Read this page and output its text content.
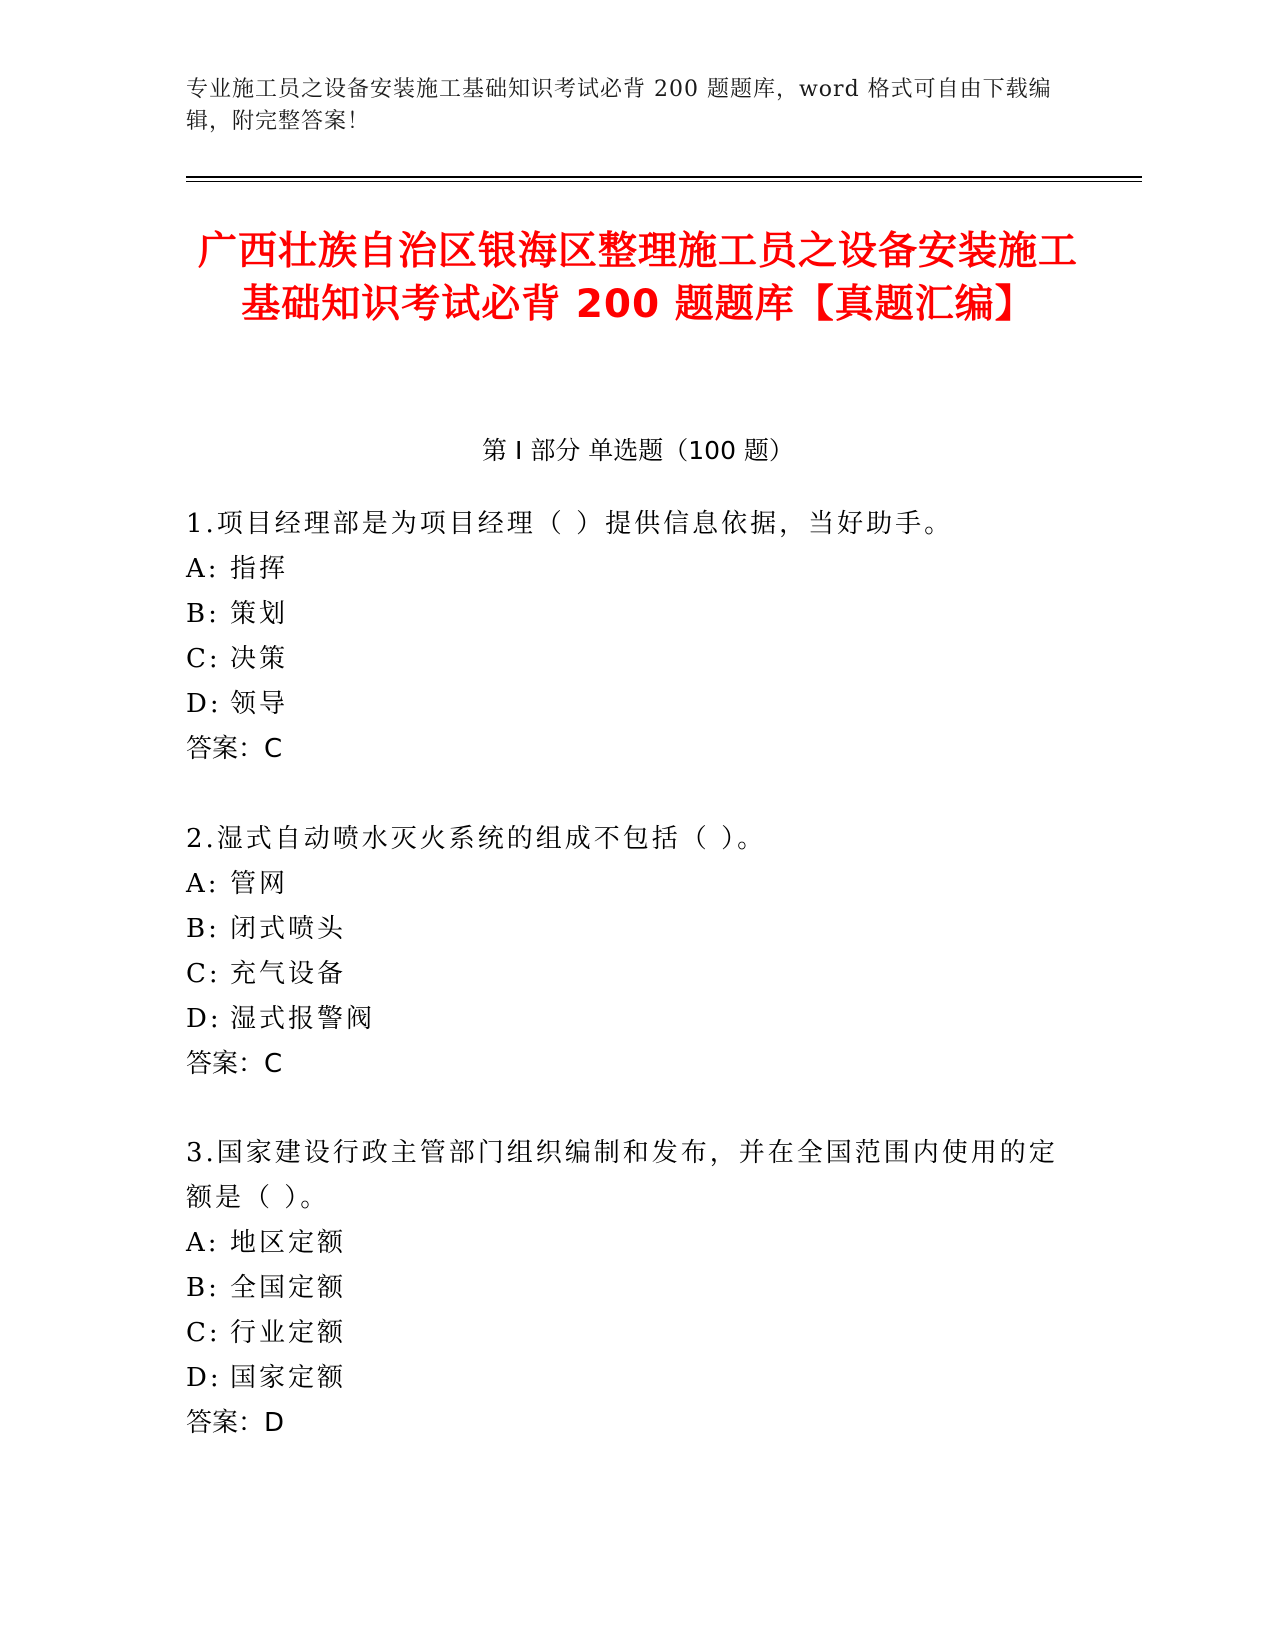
专业施工员之设备安装施工基础知识考试必背 200 题题库，word 格式可自由下载编辑，附完整答案！
广西壮族自治区银海区整理施工员之设备安装施工基础知识考试必背 200 题题库【真题汇编】
第 I 部分 单选题（100 题）
1.项目经理部是为项目经理（ ）提供信息依据，当好助手。
A: 指挥
B: 策划
C: 决策
D: 领导
答案：C
2.湿式自动喷水灭火系统的组成不包括（ ）。
A: 管网
B: 闭式喷头
C: 充气设备
D: 湿式报警阀
答案：C
3.国家建设行政主管部门组织编制和发布，并在全国范围内使用的定额是（ ）。
A: 地区定额
B: 全国定额
C: 行业定额
D: 国家定额
答案：D
